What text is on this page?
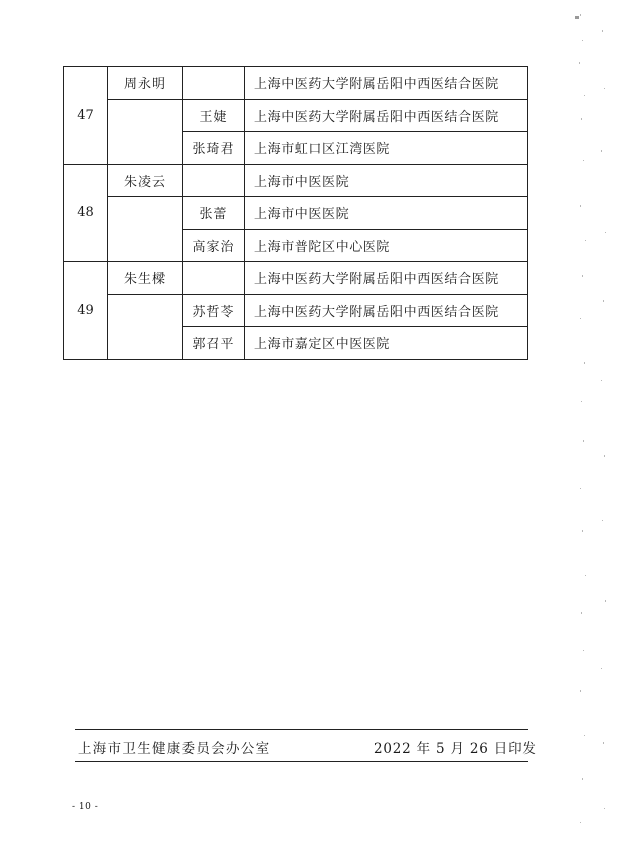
47	周永明		上海中医药大学附属岳阳中西医结合医院
		王婕	上海中医药大学附属岳阳中西医结合医院
		张琦君	上海市虹口区江湾医院
48	朱凌云		上海市中医医院
		张蕾	上海市中医医院
		高家治	上海市普陀区中心医院
49	朱生樑		上海中医药大学附属岳阳中西医结合医院
		苏哲苓	上海中医药大学附属岳阳中西医结合医院
		郭召平	上海市嘉定区中医医院
上海市卫生健康委员会办公室	2022 年 5 月 26 日印发
- 10 -
